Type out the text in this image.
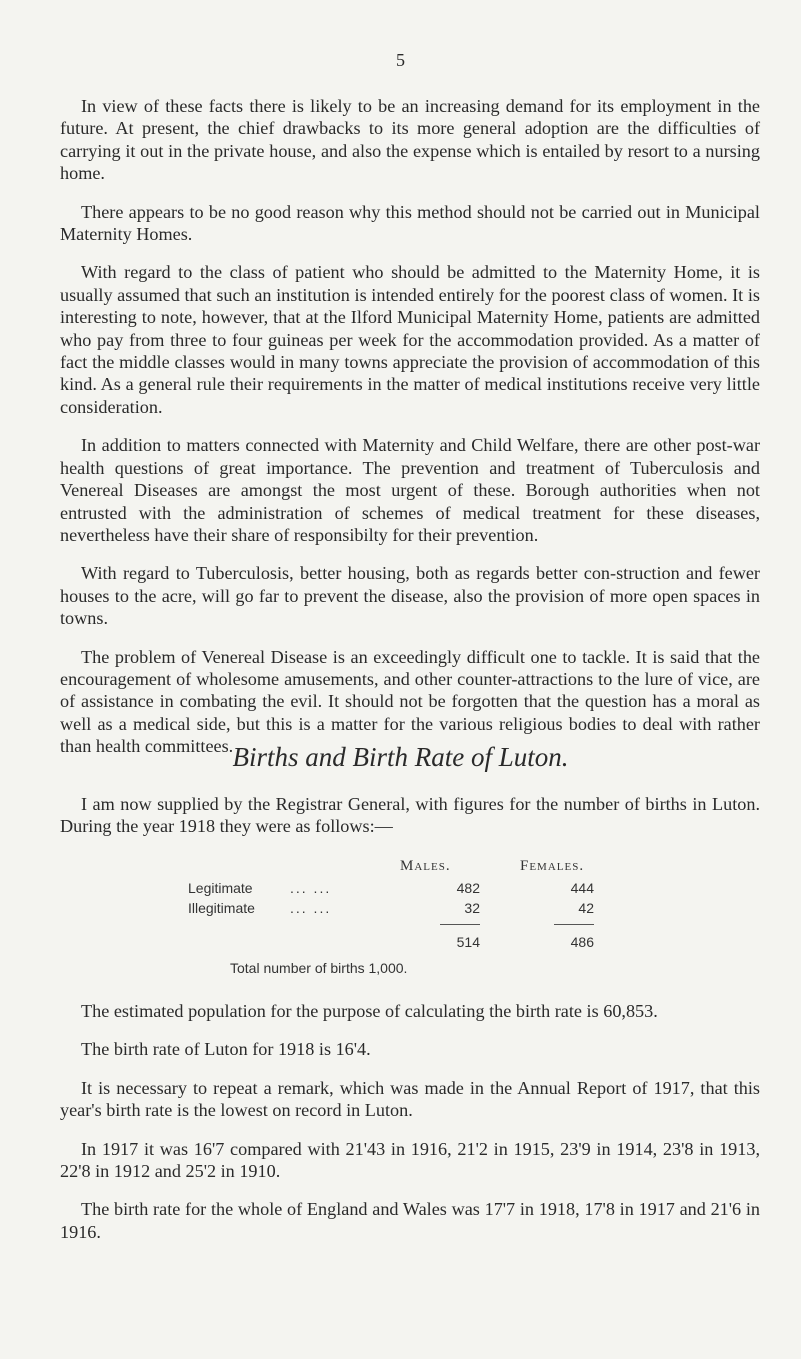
5

In view of these facts there is likely to be an increasing demand for its employment in the future. At present, the chief drawbacks to its more general adoption are the difficulties of carrying it out in the private house, and also the expense which is entailed by resort to a nursing home.

There appears to be no good reason why this method should not be carried out in Municipal Maternity Homes.

With regard to the class of patient who should be admitted to the Maternity Home, it is usually assumed that such an institution is intended entirely for the poorest class of women. It is interesting to note, however, that at the Ilford Municipal Maternity Home, patients are admitted who pay from three to four guineas per week for the accommodation provided. As a matter of fact the middle classes would in many towns appreciate the provision of accommodation of this kind. As a general rule their requirements in the matter of medical institutions receive very little consideration.

In addition to matters connected with Maternity and Child Welfare, there are other post-war health questions of great importance. The prevention and treatment of Tuberculosis and Venereal Diseases are amongst the most urgent of these. Borough authorities when not entrusted with the administration of schemes of medical treatment for these diseases, nevertheless have their share of responsibilty for their prevention.

With regard to Tuberculosis, better housing, both as regards better con-struction and fewer houses to the acre, will go far to prevent the disease, also the provision of more open spaces in towns.

The problem of Venereal Disease is an exceedingly difficult one to tackle. It is said that the encouragement of wholesome amusements, and other counter-attractions to the lure of vice, are of assistance in combating the evil. It should not be forgotten that the question has a moral as well as a medical side, but this is a matter for the various religious bodies to deal with rather than health committees. Births and Birth Rate of Luton.

I am now supplied by the Registrar General, with figures for the number of births in Luton. During the year 1918 they were as follows:—

Males.	Females.
Legitimate	... ...	482	444
Illegitimate	... ...	32	42
514	486
Total number of births 1,000.

The estimated population for the purpose of calculating the birth rate is 60,853.

The birth rate of Luton for 1918 is 16'4.

It is necessary to repeat a remark, which was made in the Annual Report of 1917, that this year's birth rate is the lowest on record in Luton.

In 1917 it was 16'7 compared with 21'43 in 1916, 21'2 in 1915, 23'9 in 1914, 23'8 in 1913, 22'8 in 1912 and 25'2 in 1910.

The birth rate for the whole of England and Wales was 17'7 in 1918, 17'8 in 1917 and 21'6 in 1916.
